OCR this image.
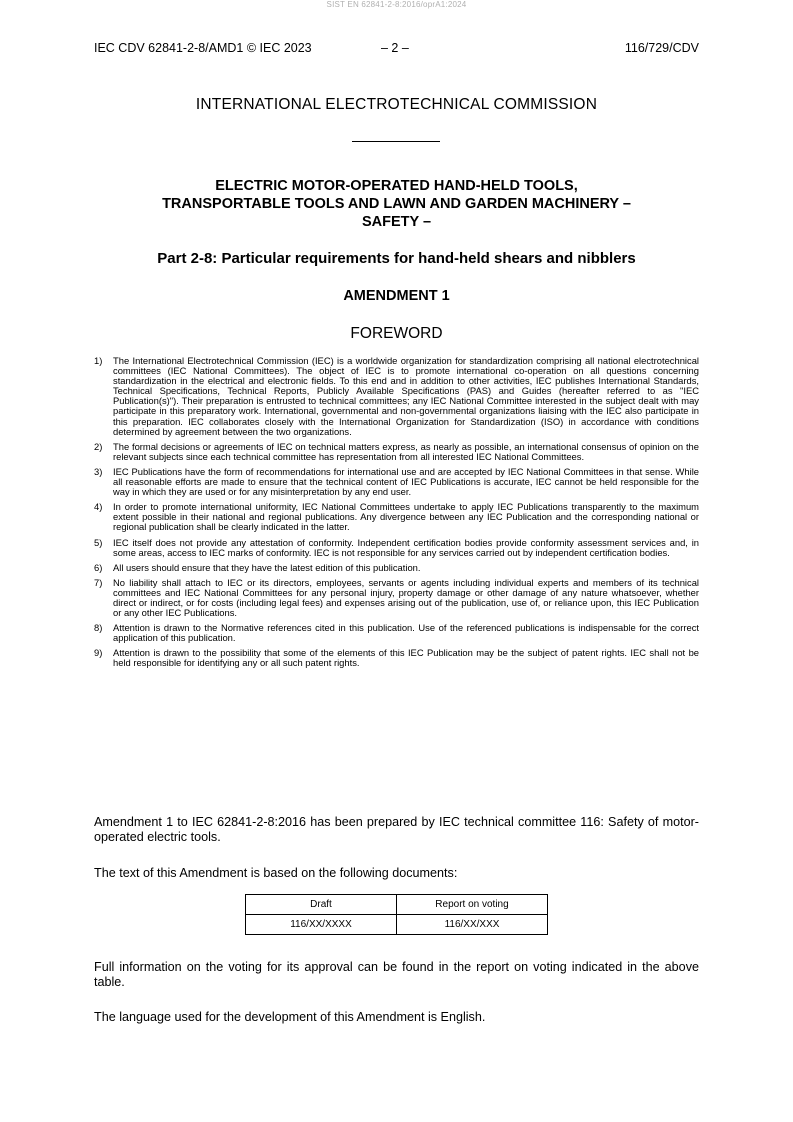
SIST EN 62841-2-8:2016/oprA1:2024
IEC CDV 62841-2-8/AMD1 © IEC 2023	– 2 –	116/729/CDV
INTERNATIONAL ELECTROTECHNICAL COMMISSION
ELECTRIC MOTOR-OPERATED HAND-HELD TOOLS,
TRANSPORTABLE TOOLS AND LAWN AND GARDEN MACHINERY –
SAFETY –
Part 2-8: Particular requirements for hand-held shears and nibblers
AMENDMENT 1
FOREWORD
1) The International Electrotechnical Commission (IEC) is a worldwide organization for standardization comprising all national electrotechnical committees (IEC National Committees). The object of IEC is to promote international co-operation on all questions concerning standardization in the electrical and electronic fields. To this end and in addition to other activities, IEC publishes International Standards, Technical Specifications, Technical Reports, Publicly Available Specifications (PAS) and Guides (hereafter referred to as "IEC Publication(s)"). Their preparation is entrusted to technical committees; any IEC National Committee interested in the subject dealt with may participate in this preparatory work. International, governmental and non-governmental organizations liaising with the IEC also participate in this preparation. IEC collaborates closely with the International Organization for Standardization (ISO) in accordance with conditions determined by agreement between the two organizations.
2) The formal decisions or agreements of IEC on technical matters express, as nearly as possible, an international consensus of opinion on the relevant subjects since each technical committee has representation from all interested IEC National Committees.
3) IEC Publications have the form of recommendations for international use and are accepted by IEC National Committees in that sense. While all reasonable efforts are made to ensure that the technical content of IEC Publications is accurate, IEC cannot be held responsible for the way in which they are used or for any misinterpretation by any end user.
4) In order to promote international uniformity, IEC National Committees undertake to apply IEC Publications transparently to the maximum extent possible in their national and regional publications. Any divergence between any IEC Publication and the corresponding national or regional publication shall be clearly indicated in the latter.
5) IEC itself does not provide any attestation of conformity. Independent certification bodies provide conformity assessment services and, in some areas, access to IEC marks of conformity. IEC is not responsible for any services carried out by independent certification bodies.
6) All users should ensure that they have the latest edition of this publication.
7) No liability shall attach to IEC or its directors, employees, servants or agents including individual experts and members of its technical committees and IEC National Committees for any personal injury, property damage or other damage of any nature whatsoever, whether direct or indirect, or for costs (including legal fees) and expenses arising out of the publication, use of, or reliance upon, this IEC Publication or any other IEC Publications.
8) Attention is drawn to the Normative references cited in this publication. Use of the referenced publications is indispensable for the correct application of this publication.
9) Attention is drawn to the possibility that some of the elements of this IEC Publication may be the subject of patent rights. IEC shall not be held responsible for identifying any or all such patent rights.
Amendment 1 to IEC 62841-2-8:2016 has been prepared by IEC technical committee 116: Safety of motor-operated electric tools.
The text of this Amendment is based on the following documents:
Draft	Report on voting
116/XX/XXXX	116/XX/XXX
Full information on the voting for its approval can be found in the report on voting indicated in the above table.
The language used for the development of this Amendment is English.
